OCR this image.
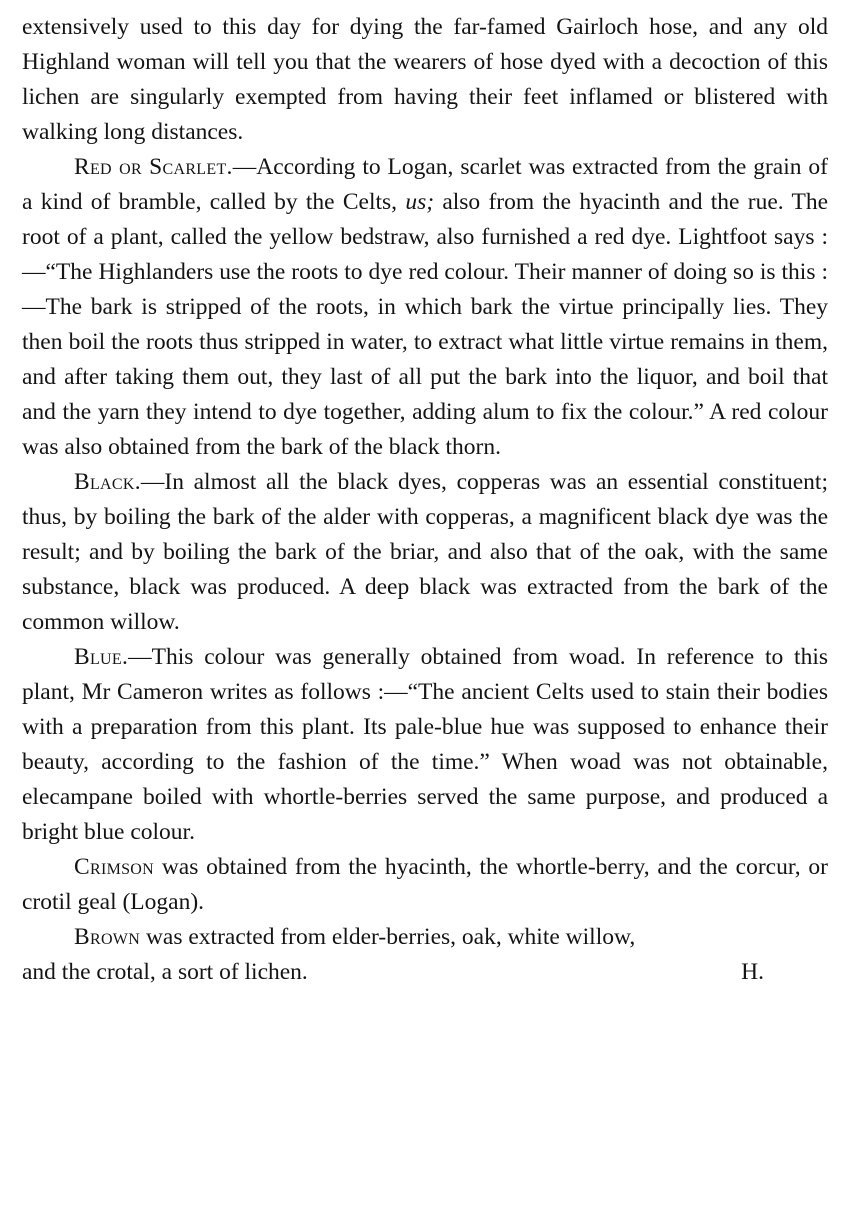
extensively used to this day for dying the far-famed Gairloch hose, and any old Highland woman will tell you that the wearers of hose dyed with a decoction of this lichen are singularly exempted from having their feet inflamed or blistered with walking long distances.

Red or Scarlet.—According to Logan, scarlet was extracted from the grain of a kind of bramble, called by the Celts, us; also from the hyacinth and the rue. The root of a plant, called the yellow bedstraw, also furnished a red dye. Lightfoot says :—“The Highlanders use the roots to dye red colour. Their manner of doing so is this :—The bark is stripped of the roots, in which bark the virtue principally lies. They then boil the roots thus stripped in water, to extract what little virtue remains in them, and after taking them out, they last of all put the bark into the liquor, and boil that and the yarn they intend to dye together, adding alum to fix the colour.” A red colour was also obtained from the bark of the black thorn.

Black.—In almost all the black dyes, copperas was an essential constituent; thus, by boiling the bark of the alder with copperas, a magnificent black dye was the result; and by boiling the bark of the briar, and also that of the oak, with the same substance, black was produced. A deep black was extracted from the bark of the common willow.

Blue.—This colour was generally obtained from woad. In reference to this plant, Mr Cameron writes as follows :—“The ancient Celts used to stain their bodies with a preparation from this plant. Its pale-blue hue was supposed to enhance their beauty, according to the fashion of the time.” When woad was not obtainable, elecampane boiled with whortle-berries served the same purpose, and produced a bright blue colour.

Crimson was obtained from the hyacinth, the whortle-berry, and the corcur, or crotil geal (Logan).

Brown was extracted from elder-berries, oak, white willow,

and the crotal, a sort of lichen.	H.
